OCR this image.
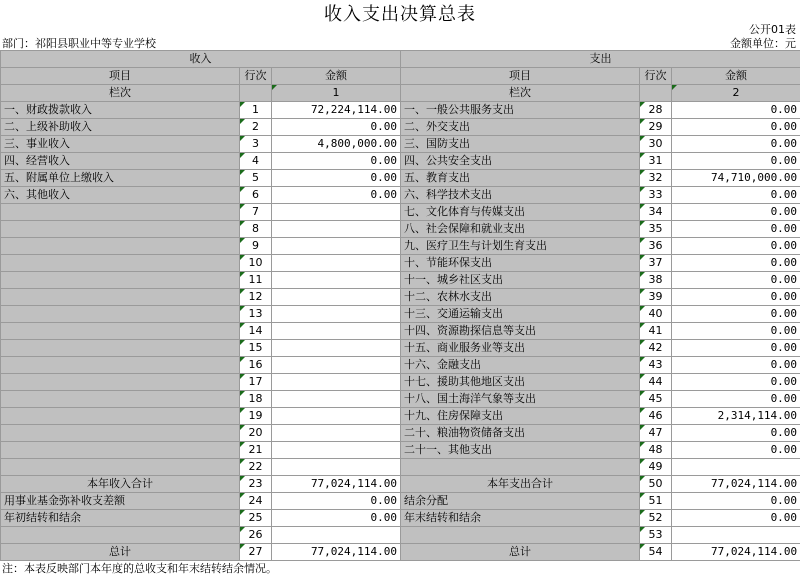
收入支出决算总表
公开01表
部门：祁阳县职业中等专业学校	金额单位：元
收入			支出		
项目	行次	金额	项目	行次	金额
栏次		1	栏次		2
一、财政拨款收入	1	72,224,114.00	一、一般公共服务支出	28	0.00
二、上级补助收入	2	0.00	二、外交支出	29	0.00
三、事业收入	3	4,800,000.00	三、国防支出	30	0.00
四、经营收入	4	0.00	四、公共安全支出	31	0.00
五、附属单位上缴收入	5	0.00	五、教育支出	32	74,710,000.00
六、其他收入	6	0.00	六、科学技术支出	33	0.00
	7		七、文化体育与传媒支出	34	0.00
	8		八、社会保障和就业支出	35	0.00
	9		九、医疗卫生与计划生育支出	36	0.00
	10		十、节能环保支出	37	0.00
	11		十一、城乡社区支出	38	0.00
	12		十二、农林水支出	39	0.00
	13		十三、交通运输支出	40	0.00
	14		十四、资源勘探信息等支出	41	0.00
	15		十五、商业服务业等支出	42	0.00
	16		十六、金融支出	43	0.00
	17		十七、援助其他地区支出	44	0.00
	18		十八、国土海洋气象等支出	45	0.00
	19		十九、住房保障支出	46	2,314,114.00
	20		二十、粮油物资储备支出	47	0.00
	21		二十一、其他支出	48	0.00
	22			49	
本年收入合计	23	77,024,114.00	本年支出合计	50	77,024,114.00
用事业基金弥补收支差额	24	0.00	结余分配	51	0.00
年初结转和结余	25	0.00	年末结转和结余	52	0.00
	26			53	
总计	27	77,024,114.00	总计	54	77,024,114.00
注：本表反映部门本年度的总收支和年末结转结余情况。
